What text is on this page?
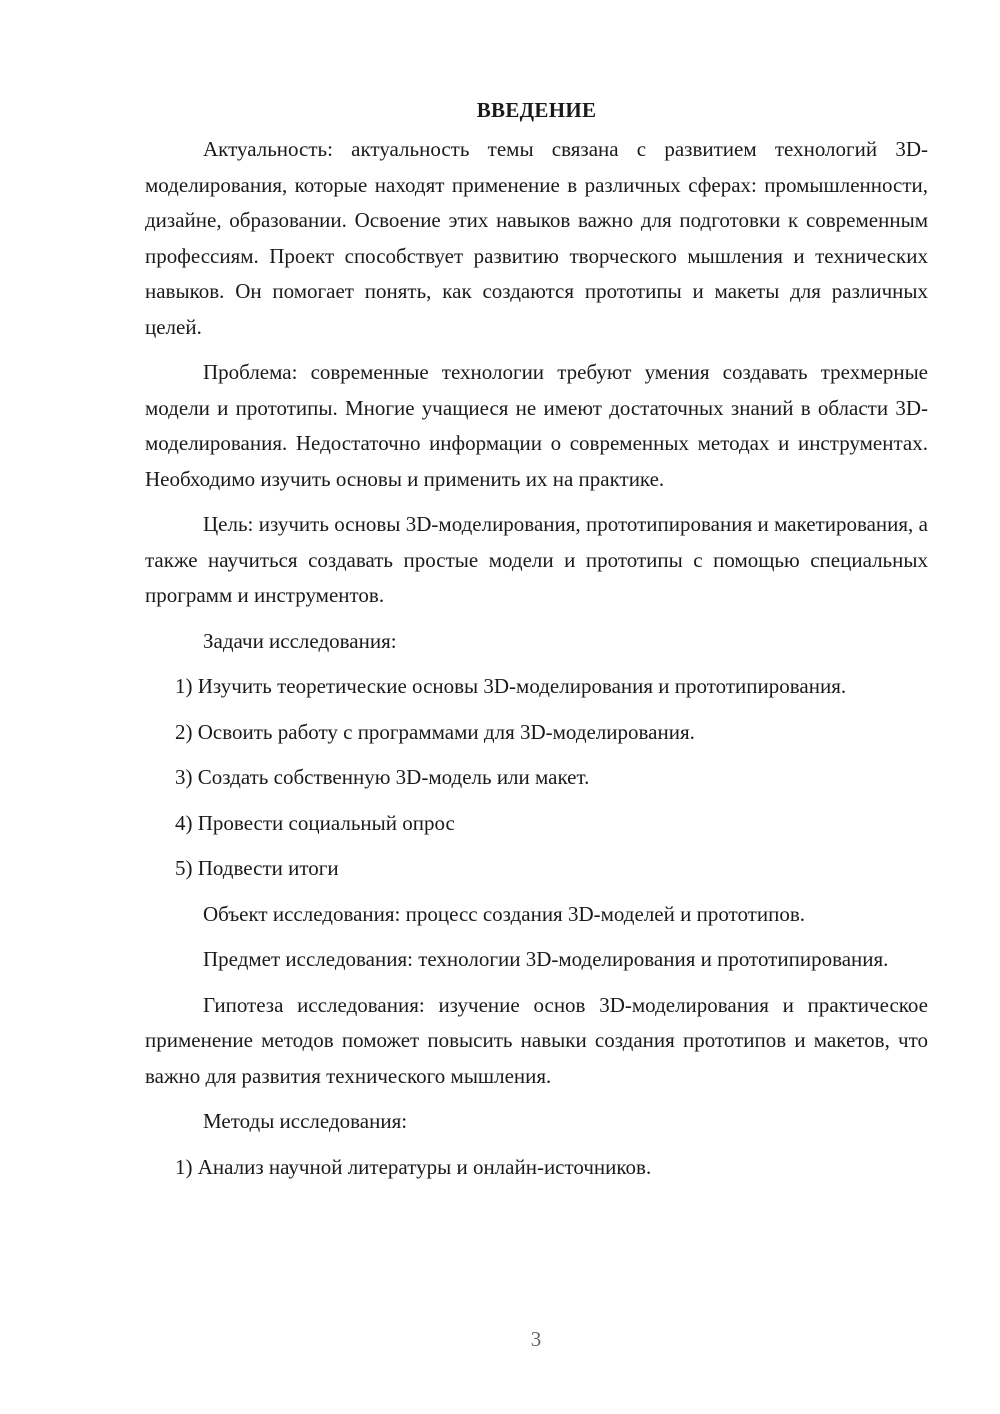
ВВЕДЕНИЕ

Актуальность: актуальность темы связана с развитием технологий 3D-моделирования, которые находят применение в различных сферах: промышленности, дизайне, образовании. Освоение этих навыков важно для подготовки к современным профессиям. Проект способствует развитию творческого мышления и технических навыков. Он помогает понять, как создаются прототипы и макеты для различных целей.

Проблема: современные технологии требуют умения создавать трехмерные модели и прототипы. Многие учащиеся не имеют достаточных знаний в области 3D-моделирования. Недостаточно информации о современных методах и инструментах. Необходимо изучить основы и применить их на практике.

Цель: изучить основы 3D-моделирования, прототипирования и макетирования, а также научиться создавать простые модели и прототипы с помощью специальных программ и инструментов.

Задачи исследования:

1) Изучить теоретические основы 3D-моделирования и прототипирования.

2) Освоить работу с программами для 3D-моделирования.

3) Создать собственную 3D-модель или макет.

4) Провести социальный опрос

5) Подвести итоги

Объект исследования: процесс создания 3D-моделей и прототипов.

Предмет исследования: технологии 3D-моделирования и прототипирования.

Гипотеза исследования: изучение основ 3D-моделирования и практическое применение методов поможет повысить навыки создания прототипов и макетов, что важно для развития технического мышления.

Методы исследования:

1) Анализ научной литературы и онлайн-источников.

3
